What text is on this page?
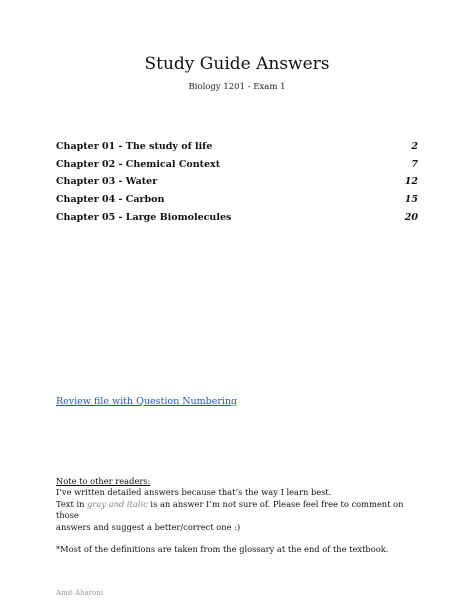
Study Guide Answers
Biology 1201 - Exam 1
Chapter 01 - The study of life	2
Chapter 02 - Chemical Context	7
Chapter 03 - Water	12
Chapter 04 - Carbon	15
Chapter 05 - Large Biomolecules	20
Review file with Question Numbering
Note to other readers:
I’ve written detailed answers because that’s the way I learn best.
Text in gray and italic is an answer I’m not sure of. Please feel free to comment on those
answers and suggest a better/correct one :)
*Most of the definitions are taken from the glossary at the end of the textbook.
Amit Aharoni
